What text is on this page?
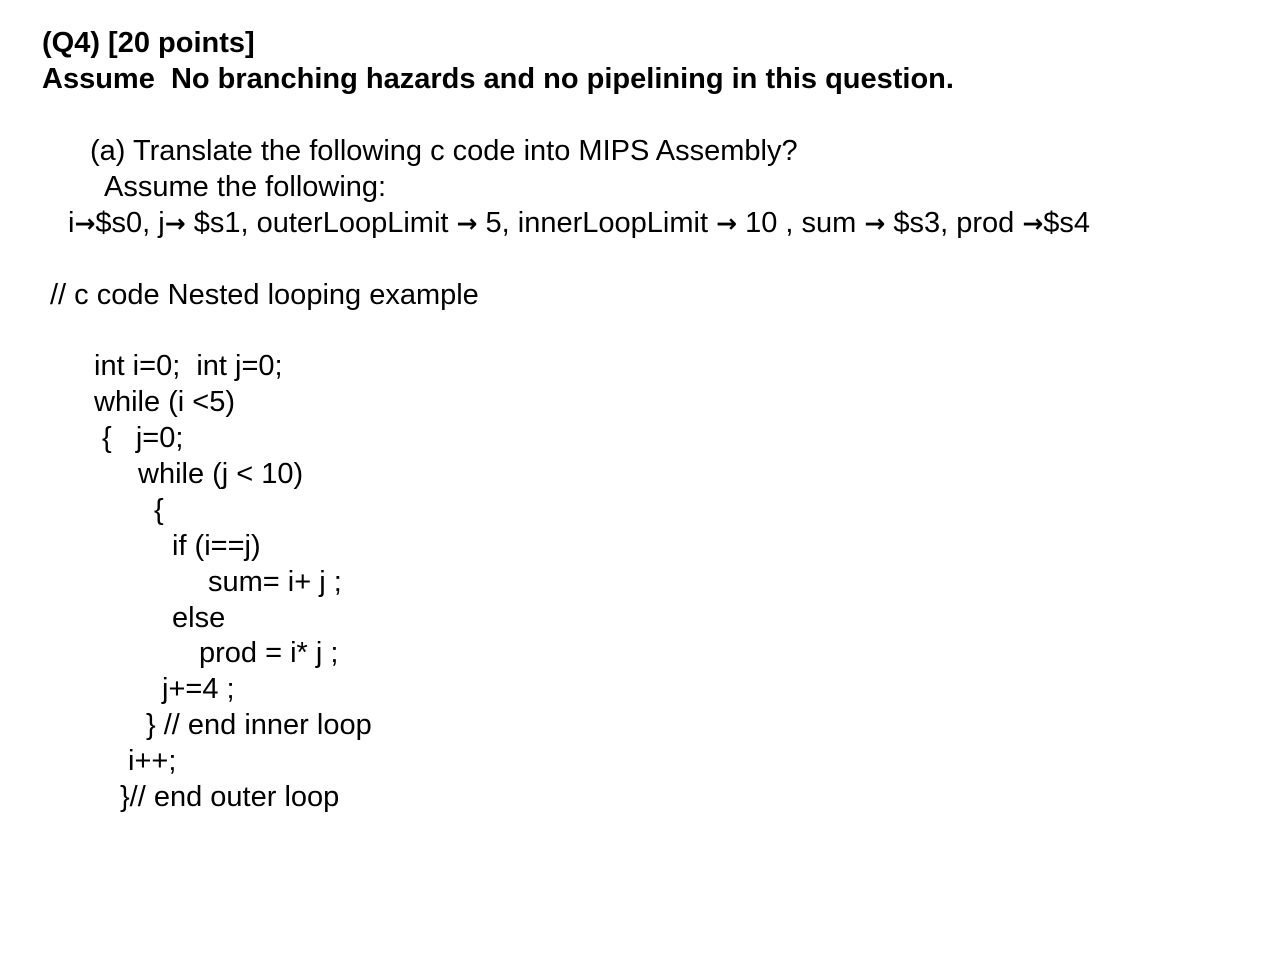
(Q4) [20 points]
Assume  No branching hazards and no pipelining in this question.
(a) Translate the following c code into MIPS Assembly?
Assume the following:
i→$s0, j→ $s1, outerLoopLimit → 5, innerLoopLimit → 10 , sum → $s3, prod →$s4
// c code Nested looping example
int i=0;  int j=0;
while (i <5)
{   j=0;
while (j < 10)
{
if (i==j)
sum= i+ j ;
else
prod = i* j ;
j+=4 ;
} // end inner loop
i++;
}// end outer loop
